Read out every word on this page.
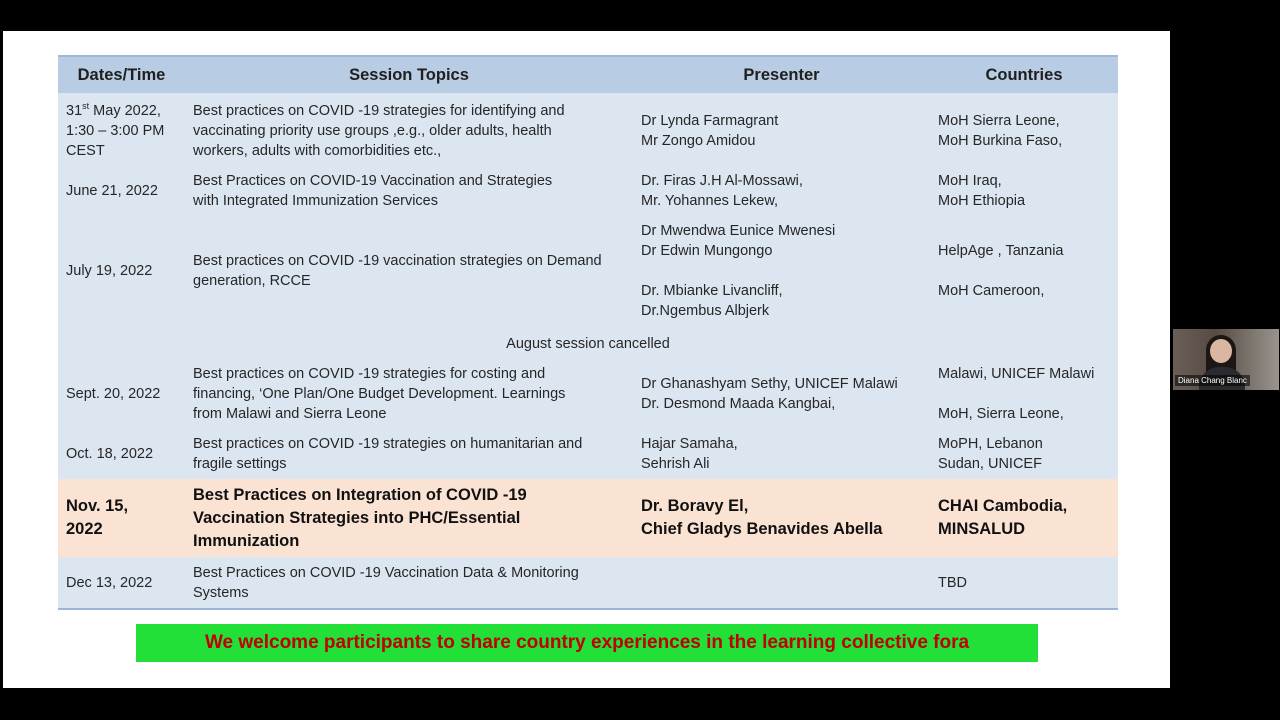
Dates/Time	Session Topics	Presenter	Countries

31st May 2022,
1:30 – 3:00 PM
CEST	Best practices on COVID -19 strategies for identifying and
vaccinating priority use groups ,e.g., older adults, health
workers, adults with comorbidities etc.,	Dr Lynda Farmagrant
Mr Zongo Amidou	MoH Sierra Leone,
MoH Burkina Faso,

June 21, 2022	Best Practices on COVID-19 Vaccination and Strategies
with Integrated Immunization Services	Dr. Firas J.H Al-Mossawi,
Mr. Yohannes Lekew,	MoH Iraq,
MoH Ethiopia

July 19, 2022	Best practices on COVID -19 vaccination strategies on Demand
generation, RCCE	Dr Mwendwa Eunice Mwenesi
Dr Edwin Mungongo
Dr. Mbianke Livancliff,
Dr.Ngembus Albjerk	HelpAge , Tanzania
MoH Cameroon,

August session cancelled			
Sept. 20, 2022	Best practices on COVID -19 strategies for costing and
financing, ‘One Plan/One Budget Development. Learnings
from Malawi and Sierra Leone	Dr Ghanashyam Sethy, UNICEF Malawi
Dr. Desmond Maada Kangbai,	Malawi, UNICEF Malawi
MoH, Sierra Leone,

Oct. 18, 2022	Best practices on COVID -19 strategies on humanitarian and
fragile settings	Hajar Samaha,
Sehrish Ali	MoPH, Lebanon
Sudan, UNICEF

Nov. 15,
2022	Best Practices on Integration of COVID -19
Vaccination Strategies into PHC/Essential
Immunization	Dr. Boravy El,
Chief Gladys Benavides Abella	CHAI Cambodia,
MINSALUD

Dec 13, 2022	Best Practices on COVID -19 Vaccination Data & Monitoring
Systems		TBD
We welcome participants to share country experiences in the learning collective fora
Diana Chang Blanc
